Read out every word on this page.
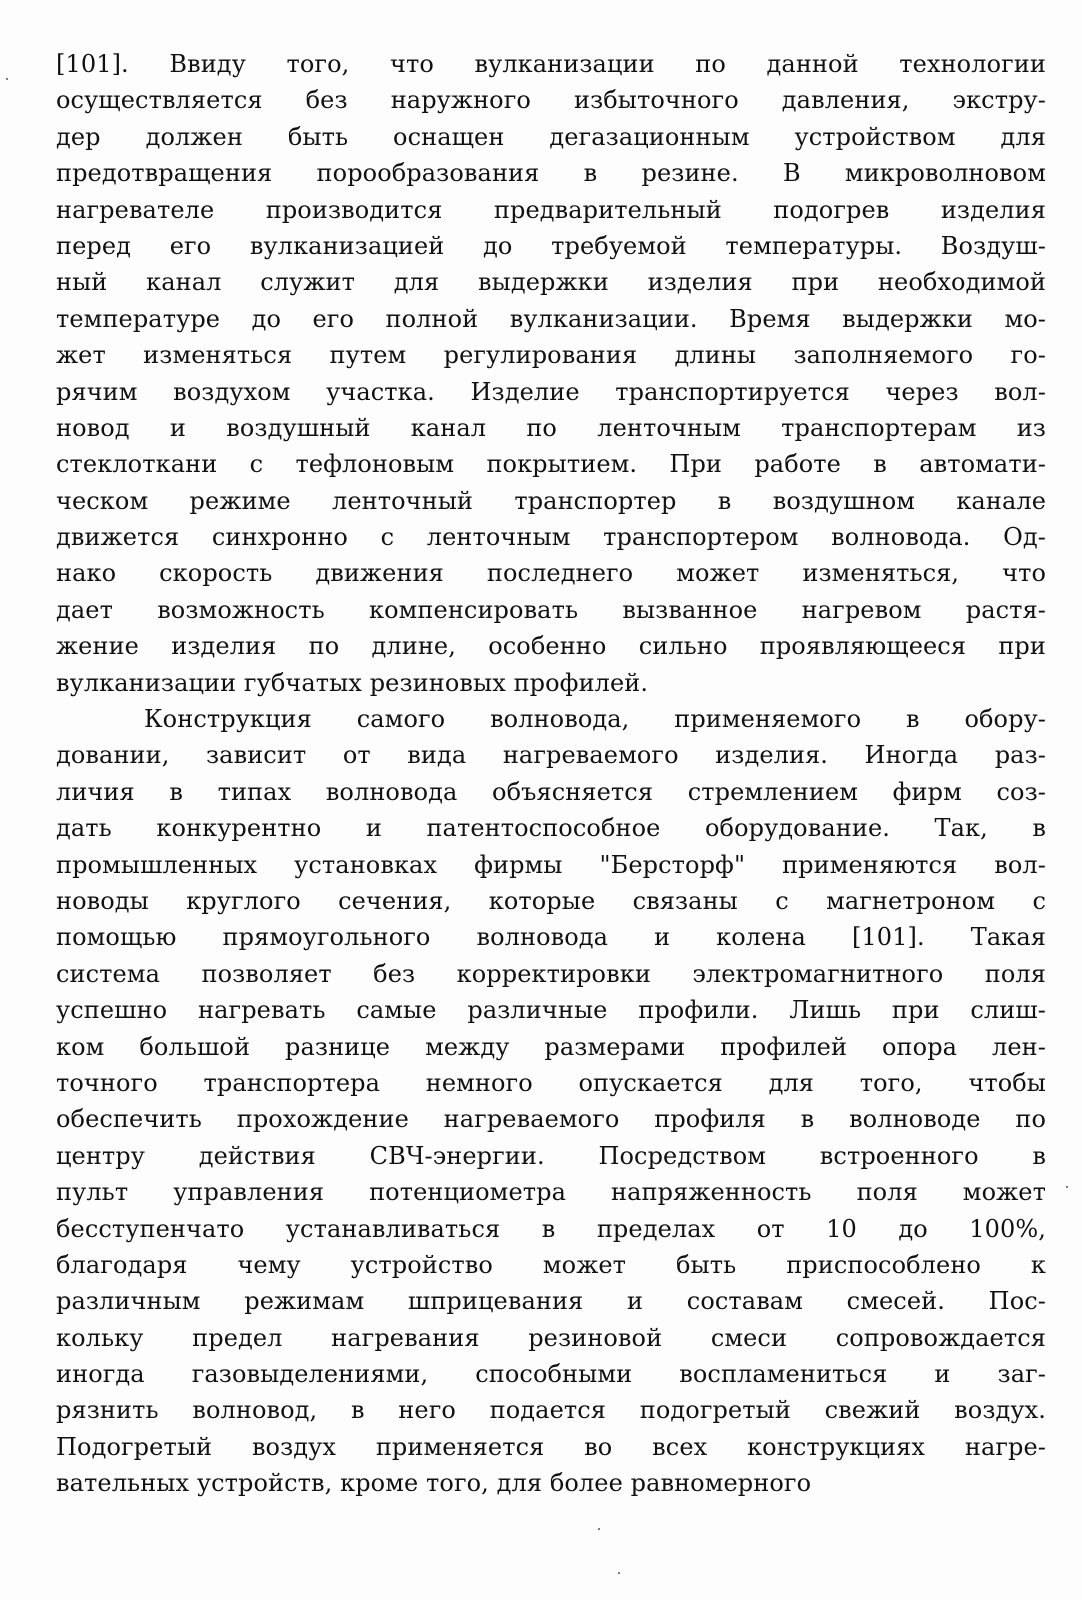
[101]. Ввиду того, что вулканизации по данной технологии
осуществляется без наружного избыточного давления, экстру-
дер должен быть оснащен дегазационным устройством для
предотвращения порообразования в резине. В микроволновом
нагревателе производится предварительный подогрев изделия
перед его вулканизацией до требуемой температуры. Воздуш-
ный канал служит для выдержки изделия при необходимой
температуре до его полной вулканизации. Время выдержки мо-
жет изменяться путем регулирования длины заполняемого го-
рячим воздухом участка. Изделие транспортируется через вол-
новод и воздушный канал по ленточным транспортерам из
стеклоткани с тефлоновым покрытием. При работе в автомати-
ческом режиме ленточный транспортер в воздушном канале
движется синхронно с ленточным транспортером волновода. Од-
нако скорость движения последнего может изменяться, что
дает возможность компенсировать вызванное нагревом растя-
жение изделия по длине, особенно сильно проявляющееся при
вулканизации губчатых резиновых профилей.
Конструкция самого волновода, применяемого в обору-
довании, зависит от вида нагреваемого изделия. Иногда раз-
личия в типах волновода объясняется стремлением фирм соз-
дать конкурентно и патентоспособное оборудование. Так, в
промышленных установках фирмы "Берсторф" применяются вол-
новоды круглого сечения, которые связаны с магнетроном с
помощью прямоугольного волновода и колена [101]. Такая
система позволяет без корректировки электромагнитного поля
успешно нагревать самые различные профили. Лишь при слиш-
ком большой разнице между размерами профилей опора лен-
точного транспортера немного опускается для того, чтобы
обеспечить прохождение нагреваемого профиля в волноводе по
центру действия СВЧ-энергии. Посредством встроенного в
пульт управления потенциометра напряженность поля может
бесступенчато устанавливаться в пределах от 10 до 100%,
благодаря чему устройство может быть приспособлено к
различным режимам шприцевания и составам смесей. Пос-
кольку предел нагревания резиновой смеси сопровождается
иногда газовыделениями, способными воспламениться и заг-
рязнить волновод, в него подается подогретый свежий воздух.
Подогретый воздух применяется во всех конструкциях нагре-
вательных устройств, кроме того, для более равномерного
